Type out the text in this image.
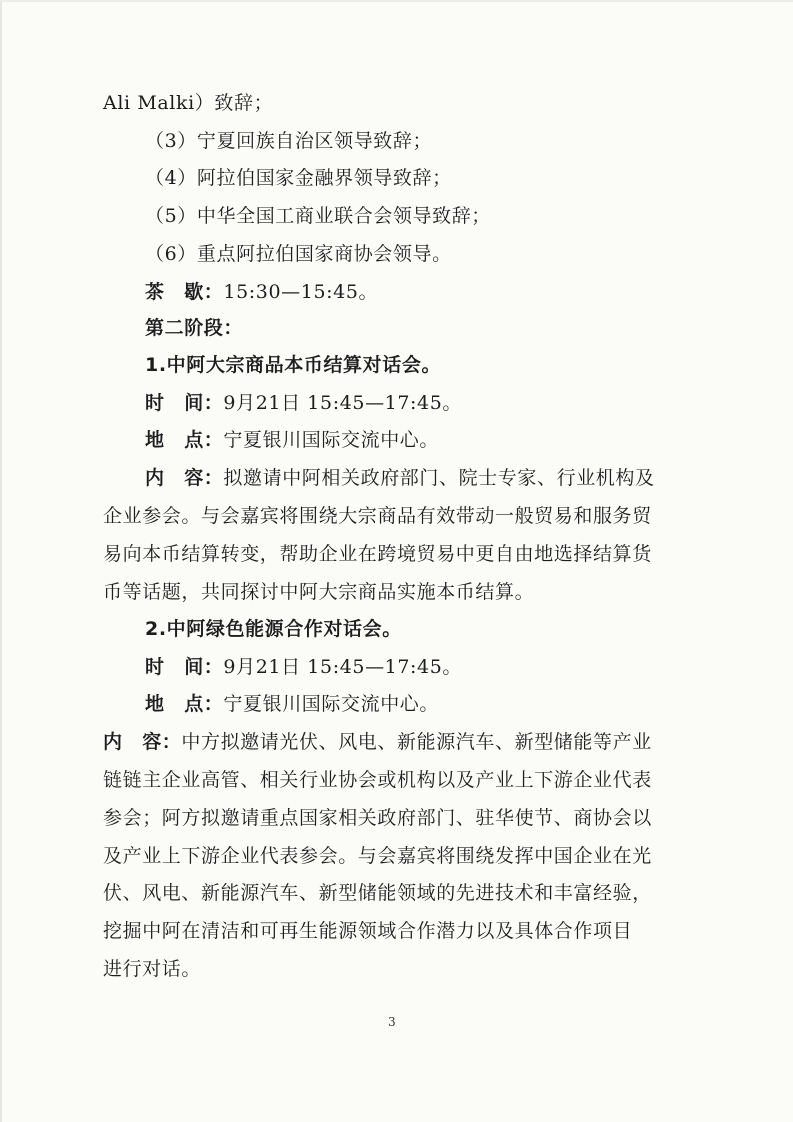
Ali Malki）致辞；
（3）宁夏回族自治区领导致辞；
（4）阿拉伯国家金融界领导致辞；
（5）中华全国工商业联合会领导致辞；
（6）重点阿拉伯国家商协会领导。
茶　歇：15:30—15:45。
第二阶段：
1.中阿大宗商品本币结算对话会。
时　间：9月21日 15:45—17:45。
地　点：宁夏银川国际交流中心。
内　容：拟邀请中阿相关政府部门、院士专家、行业机构及
企业参会。与会嘉宾将围绕大宗商品有效带动一般贸易和服务贸
易向本币结算转变，帮助企业在跨境贸易中更自由地选择结算货
币等话题，共同探讨中阿大宗商品实施本币结算。
2.中阿绿色能源合作对话会。
时　间：9月21日 15:45—17:45。
地　点：宁夏银川国际交流中心。
内　容：中方拟邀请光伏、风电、新能源汽车、新型储能等产业
链链主企业高管、相关行业协会或机构以及产业上下游企业代表
参会；阿方拟邀请重点国家相关政府部门、驻华使节、商协会以
及产业上下游企业代表参会。与会嘉宾将围绕发挥中国企业在光
伏、风电、新能源汽车、新型储能领域的先进技术和丰富经验，
挖掘中阿在清洁和可再生能源领域合作潜力以及具体合作项目
进行对话。
3
